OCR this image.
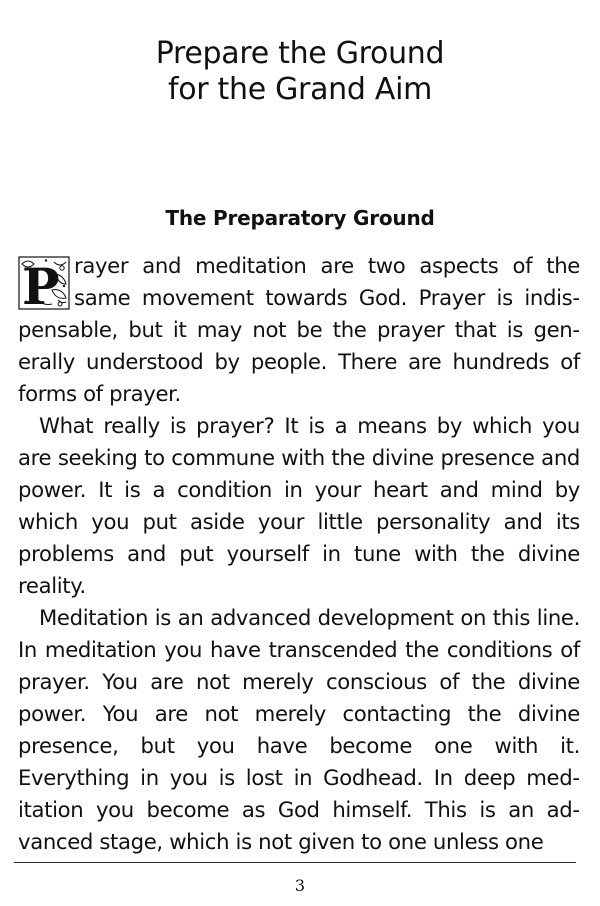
Prepare the Ground
for the Grand Aim
The Preparatory Ground

P rayer and meditation are two aspects of the same movement towards God. Prayer is indispensable, but it may not be the prayer that is generally understood by people. There are hundreds of forms of prayer.

What really is prayer? It is a means by which you are seeking to commune with the divine presence and power. It is a condition in your heart and mind by which you put aside your little personality and its problems and put yourself in tune with the divine reality.

Meditation is an advanced development on this line. In meditation you have transcended the conditions of prayer. You are not merely conscious of the divine power. You are not merely contacting the divine presence, but you have become one with it. Everything in you is lost in Godhead. In deep meditation you become as God himself. This is an advanced stage, which is not given to one unless one

3
